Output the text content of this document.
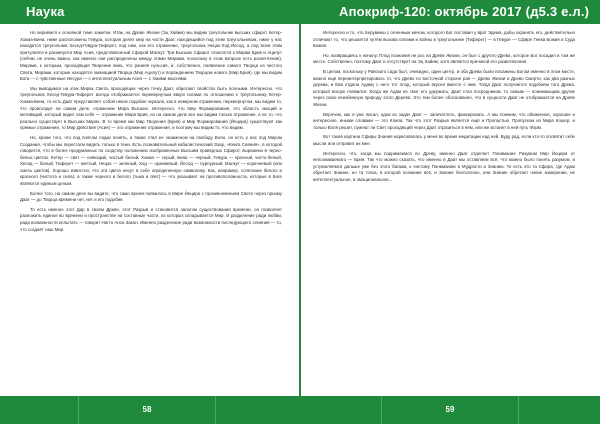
Наука

Но вернёмся к основной теме заметки. Итак, на Древе Жизни (Эц Хайим) мы видим треугольник высших сфирот Кетер-Хокма-Бина, ниже расположены Гевура, которая делит мир на части Даат, находящийся под этим треугольником, ниже у нас находится треугольник Хесед-Гевура-Тиферет, под ним, как его отражение, треугольник Нецах-Ход-Йесод, а под всем этим притулился и раскинулся Мир Асия, представленный Сфирой Малкут. Три Высших Сфирот относятся к Мирам Брия и Ацилут (сейчас не очень важно, как именно они распределены между этими Мирами, поскольку в этом вопросе есть разночтения), Мирами, к которым, проходящая Творение вниз, что ранняя нульсия, и, собственно, появление самого Творца из чистого Света, Мирами, которые находятся эманацией Творца (Мир Ацилут) и порождением Творцом нового (Мир Брия), где мы видим Бога — с чувственные Иесура — с интеллектуальным Асия — с такими мыслями.

Мы выводимся на этих Мирах Света, проходящих через точку Даат, обретают свойство быть полными. Интересно, что треугольник Хесед-Гевура-Тиферет всегда отображается перевернутым вверх ногами по отношению к треугольнику Кетер-Хокма-Бина, то есть Даат представляет собой некое подобие зеркала, как в неверном отражении, перевернутом, мы видим то, что происходит на самом деле, отражение Мира Высших. Интересно, что Мир Формирования, это область эмоций и мотиваций, который видит сам себя — отражение Мира Брия, но на самом деле все мы видим только отражение, а не то, что реально существует в Высших Мирах. В то время как Мир Творения (Брия) и Мир Формирования (Йецира) существуют как прямые отражения, то Мир Действия (Асия) — это отражение отражения, и поэтому мы видим то, что видим.

Но, кроме того, что под поясом лодки понять, а также стал ее экзаменом на свободу Воли, он есть у нас под Миром Создания, чтобы мы перестали видеть только в тени. Есть познавательный кабалистический Зоар, «Книга Сияния», в которой говорится, что в более продуманных по сходству положению изображенных Высшим праведных Сфирот, выражена в черно-белых цветах. Кетер — свет — сияющий, чистый белый, Хокма — серый, Бина — черный. Гевура — красный, чисто-белый, Хесед — белый, Тиферет — желтый, Нецах — зеленый, Ход — оранжевый, Йесод — пурпурный, Малкут — коричневый (или смесь цветов). Хорошо известно, что эти цвета несут в себе определенную символику. Как, например, сочетание белого и красного (чистота и сила), а также черного и белого (тьма и свет) — что указывает на противоположности, которые в Боге являются единым целым.

Более того, на самом деле вы видите, что само время появилось в Мире Йецира с проникновением Света через призму Даат — до Творца времени нет, нет и его подобия.

То есть именно этот Дар в своём Древе, этот Разрыв и становится залогом существования времени, он позволяет разложить единое во времени и пространстве на составные части, из которых складывается Мир. И разделение ради любви, ради возможности испытать — говорит Нигтн Анси Закон. Именно разделение ради возможности последующего слияния — то, что создаёт наш Мир.

58
Апокриф-120: октябрь 2017 (д5.3 е.л.)

Интересно и то, что Херувимы с огненным мечом, которого Бог поставил у врат Эдема, дабы охранять его, действительно отличают то, что решается путём вызова силами и войны в треугольнике (Тиферет) — в Гевуре — Сфире Гнева Божия и Суда Божия.

Но, возвращаясь к началу. Плод познания не рос на Древе Жизни, он был с другого Древа, которое Бог посадил в том же месте. Собственно, поэтому Даат и отсутствует на Эц Хайим, хотя является причиной его разветвления.

В целом, поскольку у Райского сада был, очевидно, один центр, и оба Древа были посажены Богом именно в этом месте, можно ещё переинтерпретировать то, что Древо по восточной стороне рая — Древо Жизни и Древо Смерти, как два разных дерева, и Ева отдала Адаму с него тот плод, который вкусил вместе с ним. Тогда Даат получается подобием того Древа, который вскоре появился. Когда же Адам не смог его удержать, Даат стал посредником, то самым — понимающим другие через свою неизбежную природу этого Дерева. Это тем более обоснованно, что в сущности Даат не отображается на Древе Жизни.

Впрочем, как я уже писал, одна из задач Даат — запечатлеть, фиксировать. А мы помним, что обиженное, хорошее и интересное, иными словами — это Клипа. Так что этот Разрыв является ещё и Пропастью. Пропуском из Мира Кошер, и только Воля решит, сумеют ли Свет проходящий через Даат отразиться в нём, или же встанет в ней путь Форм.

Вот такая картина Сфиры Знания нарисовалась у меня во время медитации над ней. Буду рад, если кто-то посвятит себе мысли или отправит их мне.

Интересно, что, когда мы поднимаемся по Древу, именно Даат отделяет Понимание Разумом Мир Йецира от непознаваемого — Брия. Так что можно сказать, что именно в Даат мы оставляем всё, что можно было понять разумом, и устремляемся дальше уже без этого багажа, к чистому Пониманию и Мудрости и Знанию. То есть это та Сфира, где Адам обретает Знание, но та точка, в которой познание всё, и Знание бесполезно, или Знание обретает новое измерение, не интеллектуальное, а эмоциональное...

59
